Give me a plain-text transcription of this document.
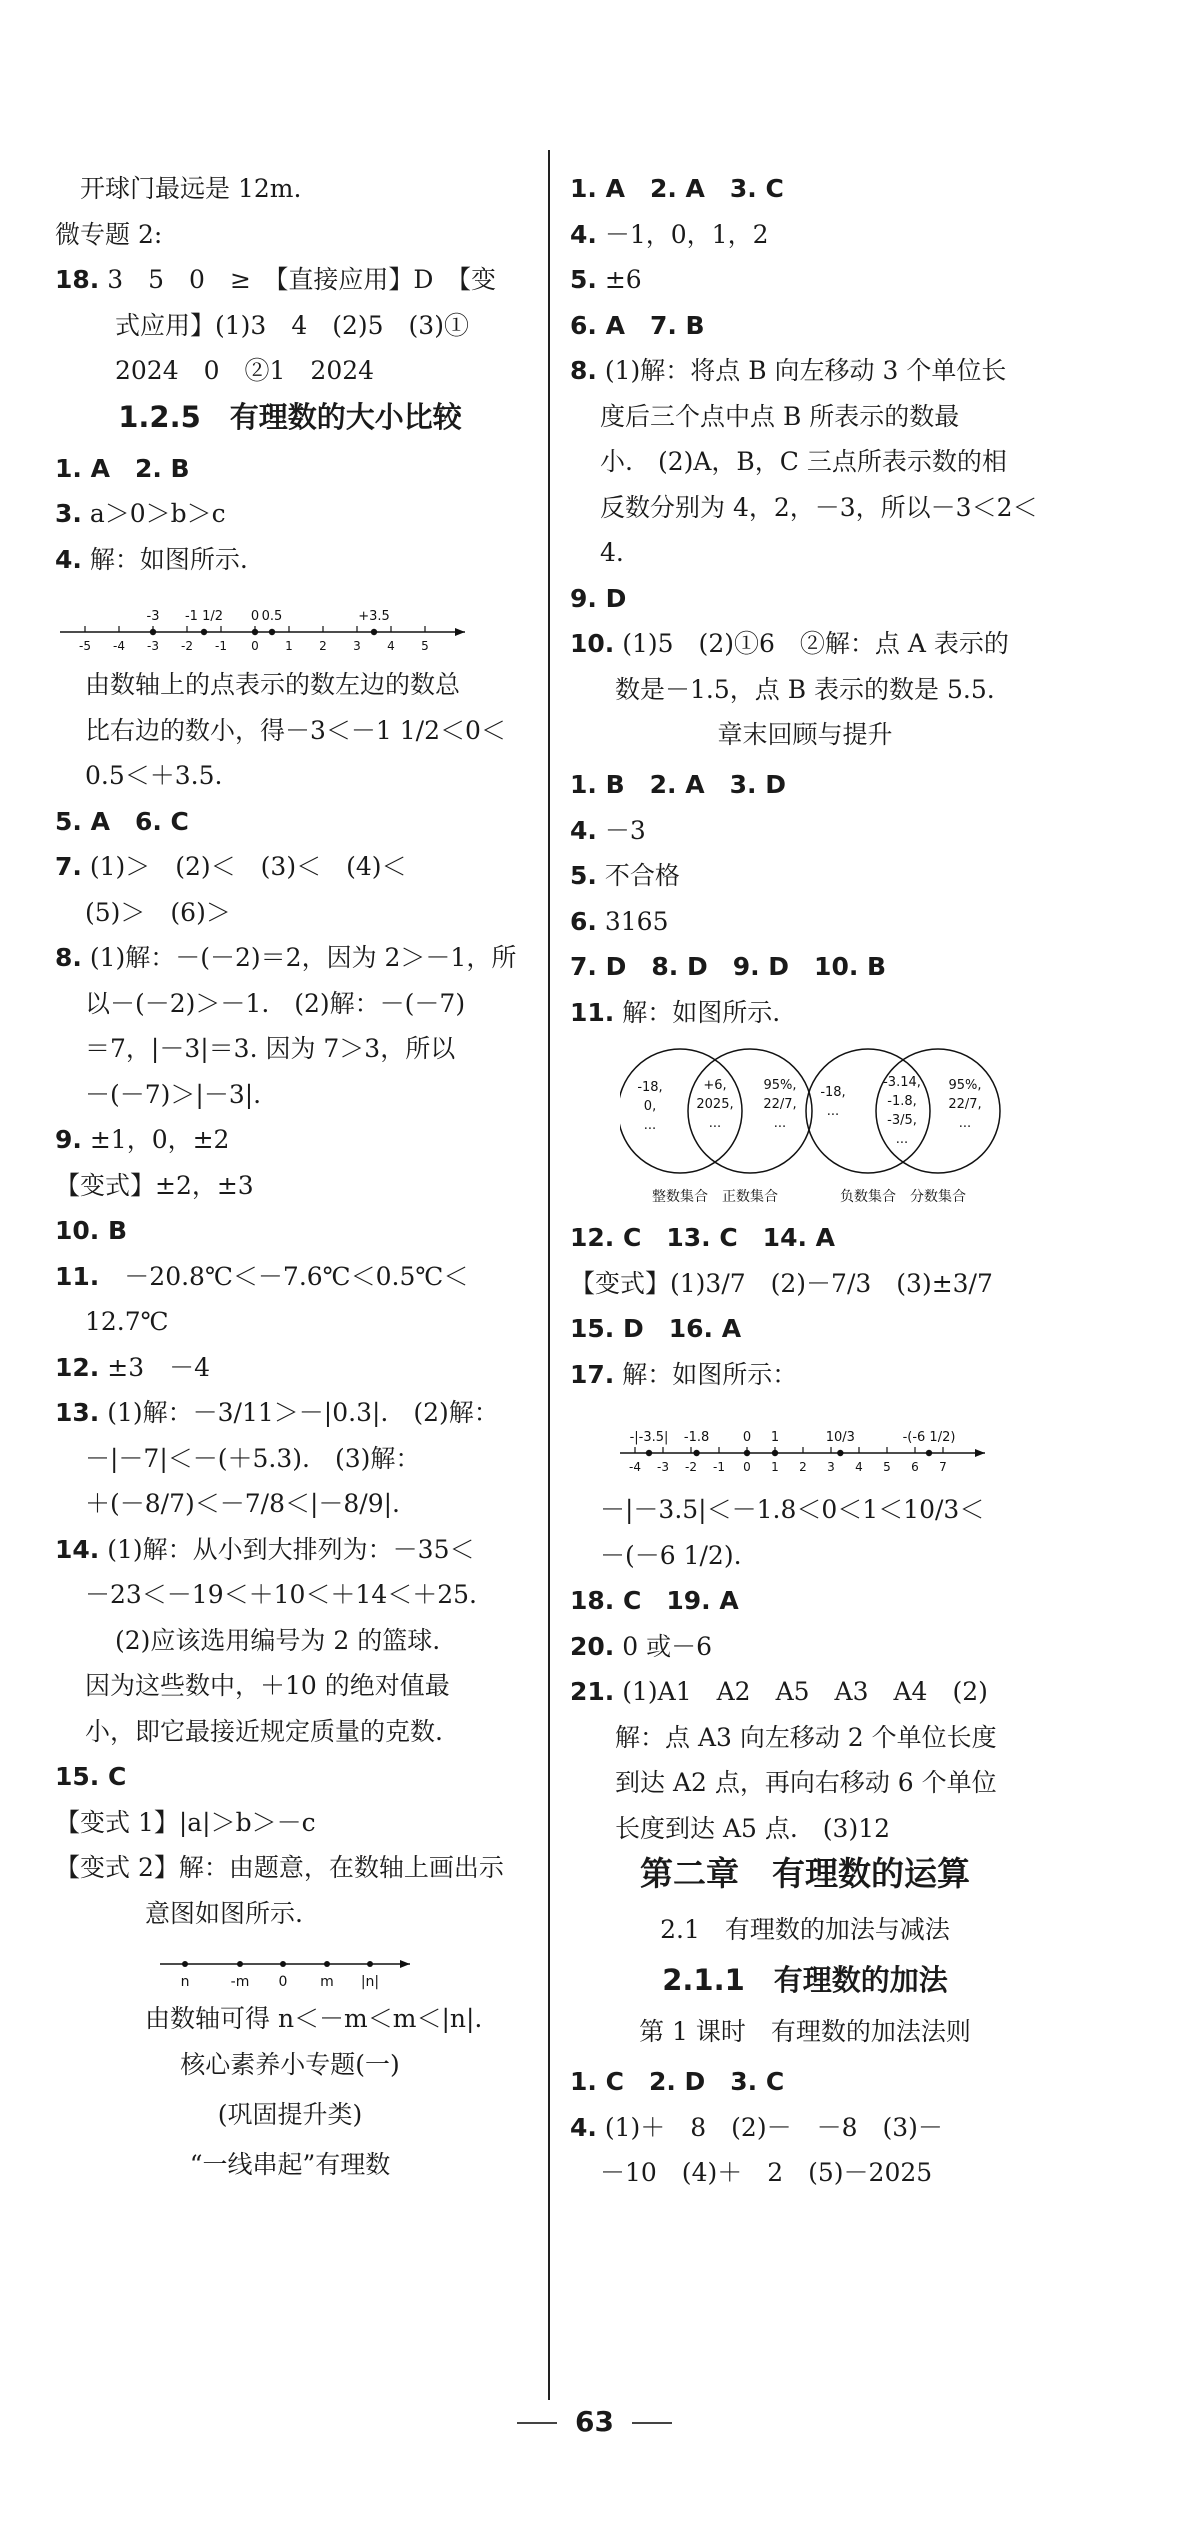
　开球门最远是 12m.
微专题 2:
18. 3　5　0　≥　【直接应用】D　【变
式应用】(1)3　4　(2)5　(3)①
2024　0　②1　2024
1.2.5　有理数的大小比较
1. A　2. B
3. a＞0＞b＞c
4. 解：如图所示.
-5 -4 -3 -2 -1 0 1 2 3 4 5
-3 -1 1/2 0 0.5	+3.5
由数轴上的点表示的数左边的数总
比右边的数小，得－3＜－1 1/2＜0＜
0.5＜＋3.5.
5. A　6. C
7. (1)＞　(2)＜　(3)＜　(4)＜
(5)＞　(6)＞
8. (1)解：－(－2)＝2，因为 2＞－1，所
以－(－2)＞－1.　(2)解：－(－7)
＝7，|－3|＝3. 因为 7＞3，所以
－(－7)＞|－3|.
9. ±1，0，±2
【变式】±2，±3
10. B
11.　－20.8℃＜－7.6℃＜0.5℃＜
12.7℃
12. ±3　－4
13. (1)解：－3/11＞－|0.3|.　(2)解：
－|－7|＜－(＋5.3).　(3)解：
＋(－8/7)＜－7/8＜|－8/9|.
14. (1)解：从小到大排列为：－35＜
－23＜－19＜＋10＜＋14＜＋25.
(2)应该选用编号为 2 的篮球.
因为这些数中，＋10 的绝对值最
小，即它最接近规定质量的克数.
15. C
【变式 1】|a|＞b＞－c
【变式 2】解：由题意，在数轴上画出示
意图如图所示.
n	-m 0 m |n|
由数轴可得 n＜－m＜m＜|n|.
核心素养小专题(一)
(巩固提升类)
“一线串起”有理数
1. A　2. A　3. C
4. －1，0，1，2
5. ±6
6. A　7. B
8. (1)解：将点 B 向左移动 3 个单位长
度后三个点中点 B 所表示的数最
小.　(2)A，B，C 三点所表示数的相
反数分别为 4，2，－3，所以－3＜2＜
4.
9. D
10. (1)5　(2)①6　②解：点 A 表示的
数是－1.5，点 B 表示的数是 5.5.
章末回顾与提升
1. B　2. A　3. D
4. －3
5. 不合格
6. 3165
7. D　8. D　9. D　10. B
11. 解：如图所示.
-18,
0,
...
+6,
2025,
...
95%,
22/7,
...
-18,
...
-3.14,
-1.8,
-3/5,
...
95%,
22/7,
...
整数集合 正数集合	负数集合 分数集合
12. C　13. C　14. A
【变式】(1)3/7　(2)－7/3　(3)±3/7
15. D　16. A
17. 解：如图所示：
-4 -3 -2 -1 0 1 2 3 4 5 6 7
-|-3.5| -1.8	0 1	10/3	-(-6 1/2)
－|－3.5|＜－1.8＜0＜1＜10/3＜
－(－6 1/2).
18. C　19. A
20. 0 或－6
21. (1)A1　A2　A5　A3　A4　(2)
解：点 A3 向左移动 2 个单位长度
到达 A2 点，再向右移动 6 个单位
长度到达 A5 点.　(3)12
第二章　有理数的运算
2.1　有理数的加法与减法
2.1.1　有理数的加法
第 1 课时　有理数的加法法则
1. C　2. D　3. C
4. (1)＋　8　(2)－　－8　(3)－
－10　(4)＋　2　(5)－2025
63
